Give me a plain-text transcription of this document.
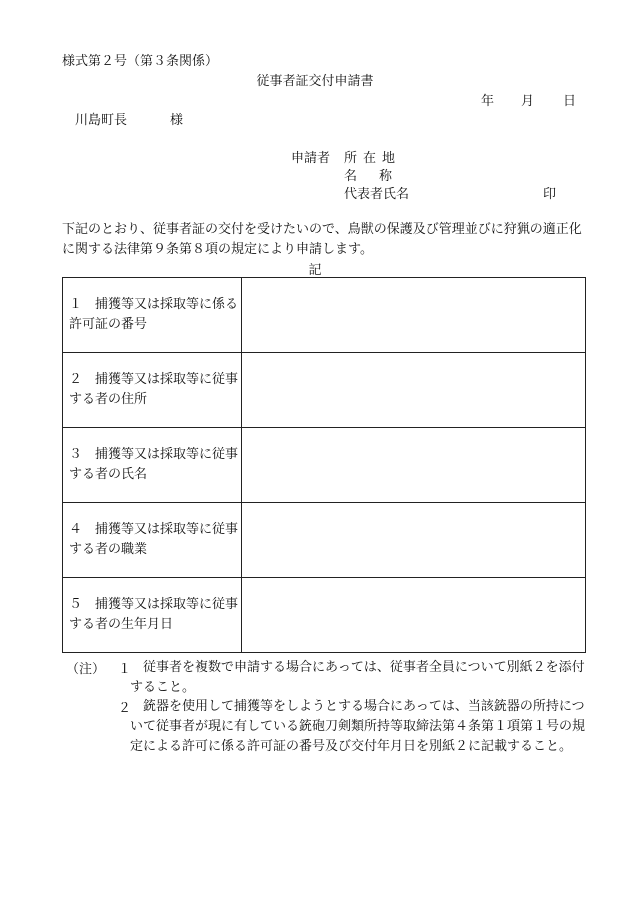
様式第２号（第３条関係）
従事者証交付申請書
年 月 日
川島町長	様
申請者 所在地
名称
代表者氏名	印
下記のとおり、従事者証の交付を受けたいので、鳥獣の保護及び管理並びに狩猟の適正化に関する法律第９条第８項の規定により申請します。
記
１　捕獲等又は採取等に係る許可証の番号	
２　捕獲等又は採取等に従事する者の住所	
３　捕獲等又は採取等に従事する者の氏名	
４　捕獲等又は採取等に従事する者の職業	
５　捕獲等又は採取等に従事する者の生年月日	
（注） １ 従事者を複数で申請する場合にあっては、従事者全員について別紙２を添付すること。
２ 銃器を使用して捕獲等をしようとする場合にあっては、当該銃器の所持について従事者が現に有している銃砲刀剣類所持等取締法第４条第１項第１号の規定による許可に係る許可証の番号及び交付年月日を別紙２に記載すること。
